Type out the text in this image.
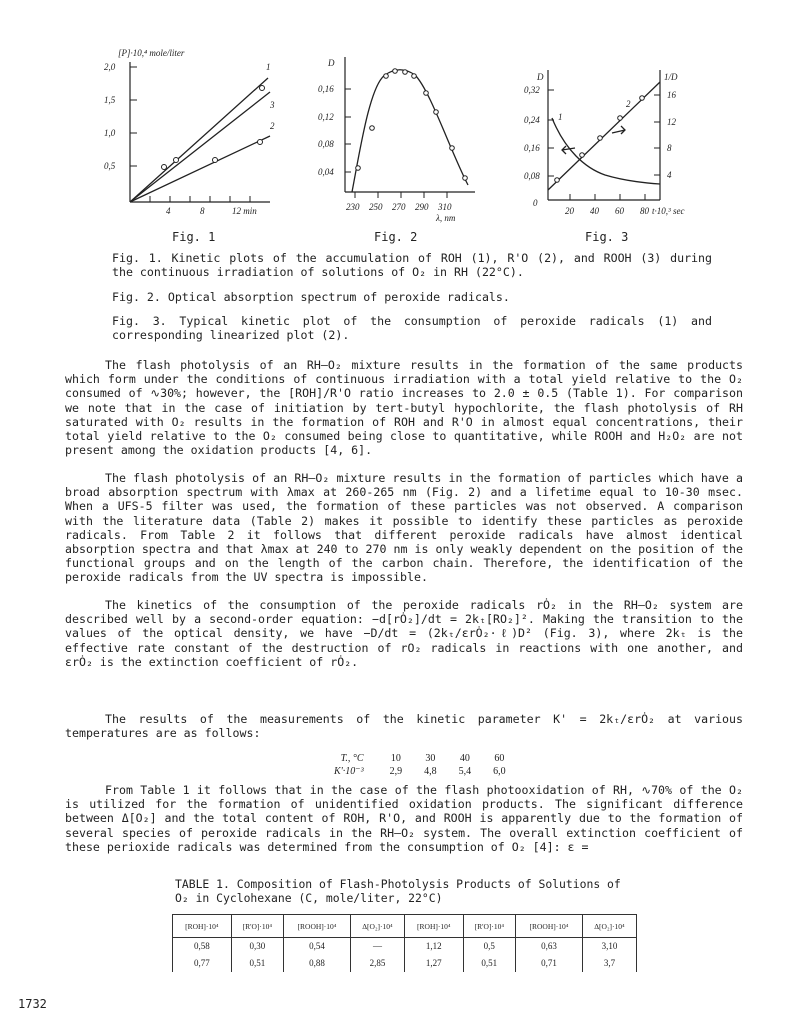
[P]·10,⁴ mole/liter
2,0
1,5
1,0
0,5
4	8	12 min
1
3
2
D
0,16
0,12
0,08
0,04
230 250 270 290 310
λ, nm
D	1/D
0,32
0,24
0,16
0,08
0
16
12
8
4
20 40 60 80 t·10,³ sec
1
2
Fig. 1	Fig. 2	Fig. 3
Fig. 1. Kinetic plots of the accumulation of ROH (1), R'O (2), and ROOH (3) during the continuous irradiation of solutions of O₂ in RH (22°C).
Fig. 2. Optical absorption spectrum of peroxide radicals.
Fig. 3. Typical kinetic plot of the consumption of peroxide radicals (1) and corresponding linearized plot (2).

The flash photolysis of an RH—O₂ mixture results in the formation of the same products which form under the conditions of continuous irradiation with a total yield relative to the O₂ consumed of ∿30%; however, the [ROH]/R'O ratio increases to 2.0 ± 0.5 (Table 1). For comparison we note that in the case of initiation by tert-butyl hypochlorite, the flash photolysis of RH saturated with O₂ results in the formation of ROH and R'O in almost equal concentrations, their total yield relative to the O₂ consumed being close to quantitative, while ROOH and H₂O₂ are not present among the oxidation products [4, 6].

The flash photolysis of an RH—O₂ mixture results in the formation of particles which have a broad absorption spectrum with λmax at 260-265 nm (Fig. 2) and a lifetime equal to 10-30 msec. When a UFS-5 filter was used, the formation of these particles was not observed. A comparison with the literature data (Table 2) makes it possible to identify these particles as peroxide radicals. From Table 2 it follows that different peroxide radicals have almost identical absorption spectra and that λmax at 240 to 270 nm is only weakly dependent on the position of the functional groups and on the length of the carbon chain. Therefore, the identification of the peroxide radicals from the UV spectra is impossible.

The kinetics of the consumption of the peroxide radicals rȮ₂ in the RH—O₂ system are described well by a second-order equation: −d[rȮ₂]/dt = 2kₜ[RO₂]². Making the transition to the values of the optical density, we have −D/dt = (2kₜ/εrȮ₂·ℓ)D² (Fig. 3), where 2kₜ is the effective rate constant of the destruction of rO₂ radicals in reactions with one another, and εrȮ₂ is the extinction coefficient of rȮ₂.

The results of the measurements of the kinetic parameter K' = 2kₜ/εrȮ₂ at various temperatures are as follows:

T., °C	10	30	40	60
K'·10⁻³	2,9	4,8	5,4	6,0

From Table 1 it follows that in the case of the flash photooxidation of RH, ∿70% of the O₂ is utilized for the formation of unidentified oxidation products. The significant difference between Δ[O₂] and the total content of ROH, R'O, and ROOH is apparently due to the formation of several species of peroxide radicals in the RH—O₂ system. The overall extinction coefficient of these perioxide radicals was determined from the consumption of O₂ [4]: ε =

TABLE 1. Composition of Flash-Photolysis Products of Solutions of O₂ in Cyclohexane (C, mole/liter, 22°C)
[ROH]·10⁴	[R'O]·10⁴	[ROOH]·10⁴	Δ[O₂]·10⁴	[ROH]·10⁴	[R'O]·10⁴	[ROOH]·10⁴	Δ[O₂]·10⁴
0,58	0,30	0,54	—	1,12	0,5	0,63	3,10
0,77	0,51	0,88	2,85	1,27	0,51	0,71	3,7
1732
